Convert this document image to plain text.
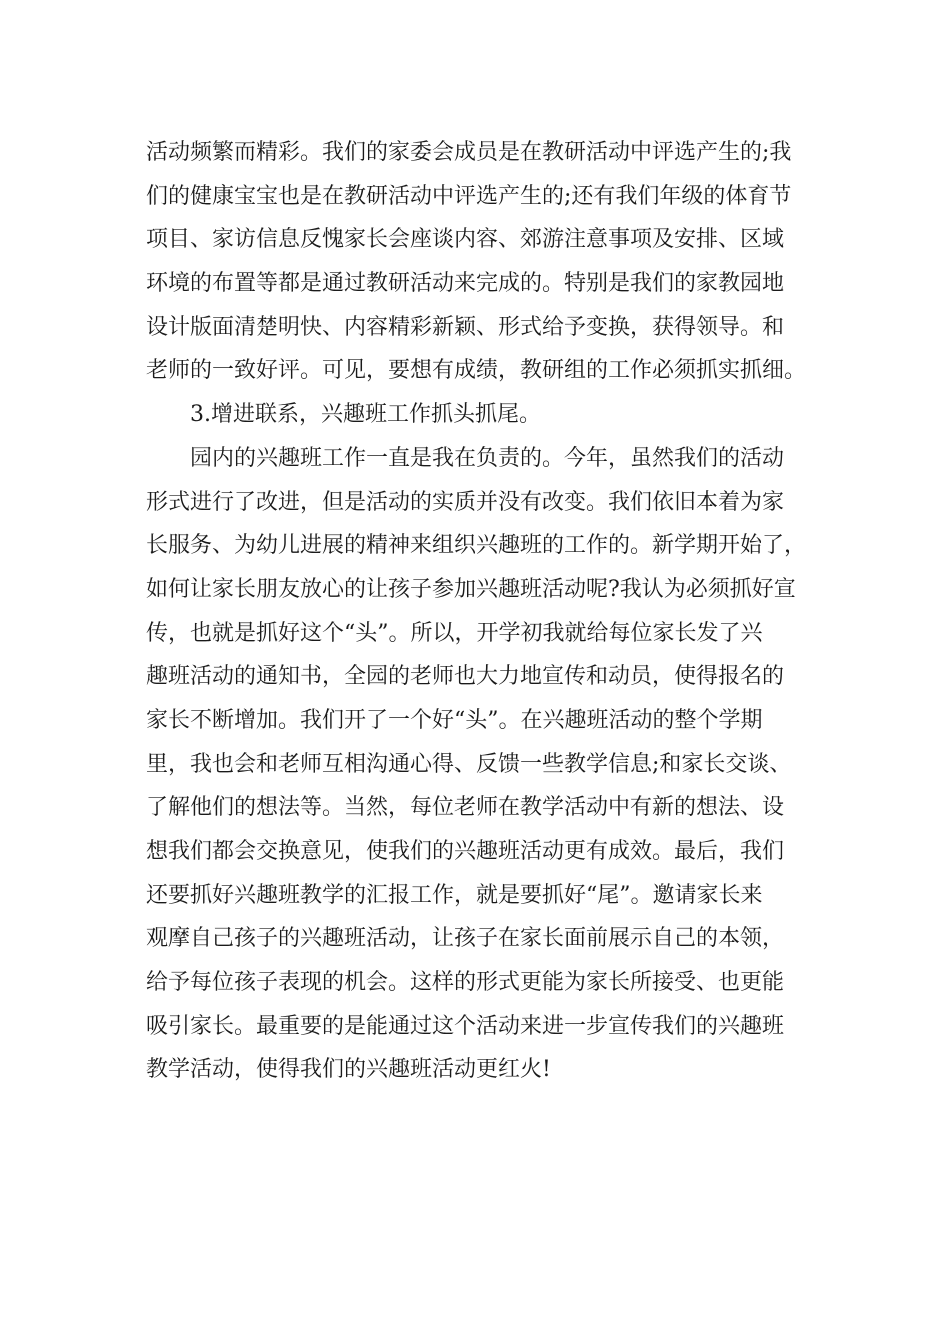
活动频繁而精彩。我们的家委会成员是在教研活动中评选产生的;我
们的健康宝宝也是在教研活动中评选产生的;还有我们年级的体育节
项目、家访信息反愧家长会座谈内容、郊游注意事项及安排、区域
环境的布置等都是通过教研活动来完成的。特别是我们的家教园地
设计版面清楚明快、内容精彩新颖、形式给予变换，获得领导。和
老师的一致好评。可见，要想有成绩，教研组的工作必须抓实抓细。
3.增进联系，兴趣班工作抓头抓尾。
园内的兴趣班工作一直是我在负责的。今年，虽然我们的活动
形式进行了改进，但是活动的实质并没有改变。我们依旧本着为家
长服务、为幼儿进展的精神来组织兴趣班的工作的。新学期开始了，
如何让家长朋友放心的让孩子参加兴趣班活动呢?我认为必须抓好宣
传，也就是抓好这个“头”。所以，开学初我就给每位家长发了兴
趣班活动的通知书，全园的老师也大力地宣传和动员，使得报名的
家长不断增加。我们开了一个好“头”。在兴趣班活动的整个学期
里，我也会和老师互相沟通心得、反馈一些教学信息;和家长交谈、
了解他们的想法等。当然，每位老师在教学活动中有新的想法、设
想我们都会交换意见，使我们的兴趣班活动更有成效。最后，我们
还要抓好兴趣班教学的汇报工作，就是要抓好“尾”。邀请家长来
观摩自己孩子的兴趣班活动，让孩子在家长面前展示自己的本领，
给予每位孩子表现的机会。这样的形式更能为家长所接受、也更能
吸引家长。最重要的是能通过这个活动来进一步宣传我们的兴趣班
教学活动，使得我们的兴趣班活动更红火!
